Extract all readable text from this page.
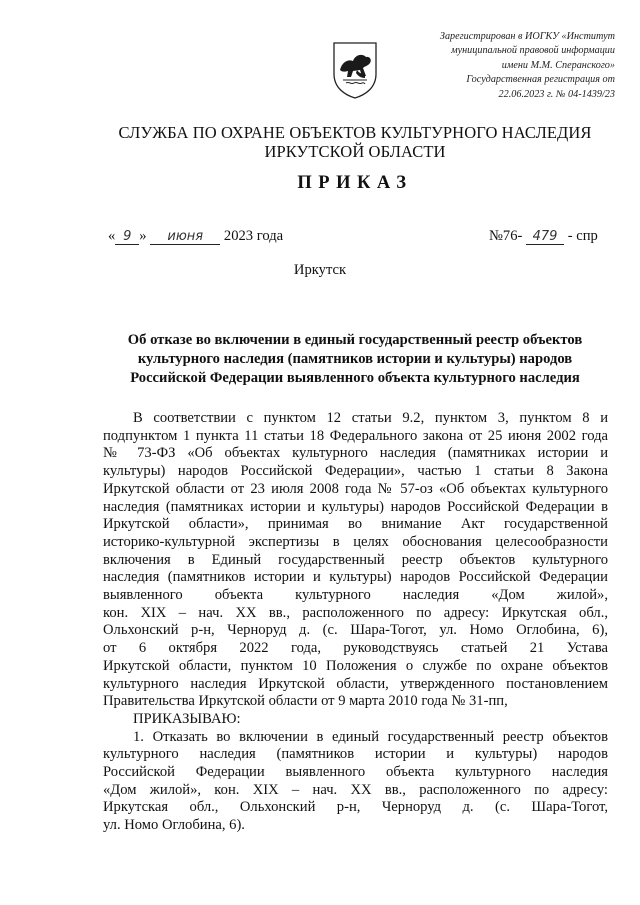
Зарегистрирован в ИОГКУ «Институт
муниципальной правовой информации
имени М.М. Сперанского»
Государственная регистрация от
22.06.2023 г. № 04-1439/23
СЛУЖБА ПО ОХРАНЕ ОБЪЕКТОВ КУЛЬТУРНОГО НАСЛЕДИЯ
ИРКУТСКОЙ ОБЛАСТИ
ПРИКАЗ
« 9 » июня 2023 года	№76- 479 - спр
Иркутск
Об отказе во включении в единый государственный реестр объектов
культурного наследия (памятников истории и культуры) народов
Российской Федерации выявленного объекта культурного наследия

В соответствии с пунктом 12 статьи 9.2, пунктом 3, пунктом 8 и

подпунктом 1 пункта 11 статьи 18 Федерального закона от 25 июня 2002 года

№ 73-ФЗ «Об объектах культурного наследия (памятниках истории и

культуры) народов Российской Федерации», частью 1 статьи 8 Закона

Иркутской области от 23 июля 2008 года № 57-оз «Об объектах культурного

наследия (памятниках истории и культуры) народов Российской Федерации в

Иркутской области», принимая во внимание Акт государственной

историко-культурной экспертизы в целях обоснования целесообразности

включения в Единый государственный реестр объектов культурного

наследия (памятников истории и культуры) народов Российской Федерации

выявленного объекта культурного наследия «Дом жилой»,

кон. XIX – нач. XX вв., расположенного по адресу: Иркутская обл.,

Ольхонский р-н, Черноруд д. (с. Шара-Тогот, ул. Номо Оглобина, 6),

от 6 октября 2022 года, руководствуясь статьей 21 Устава

Иркутской области, пунктом 10 Положения о службе по охране объектов

культурного наследия Иркутской области, утвержденного постановлением

Правительства Иркутской области от 9 марта 2010 года № 31-пп,

ПРИКАЗЫВАЮ:

1. Отказать во включении в единый государственный реестр объектов

культурного наследия (памятников истории и культуры) народов

Российской Федерации выявленного объекта культурного наследия

«Дом жилой», кон. XIX – нач. XX вв., расположенного по адресу:

Иркутская обл., Ольхонский р-н, Черноруд д. (с. Шара-Тогот,

ул. Номо Оглобина, 6).
